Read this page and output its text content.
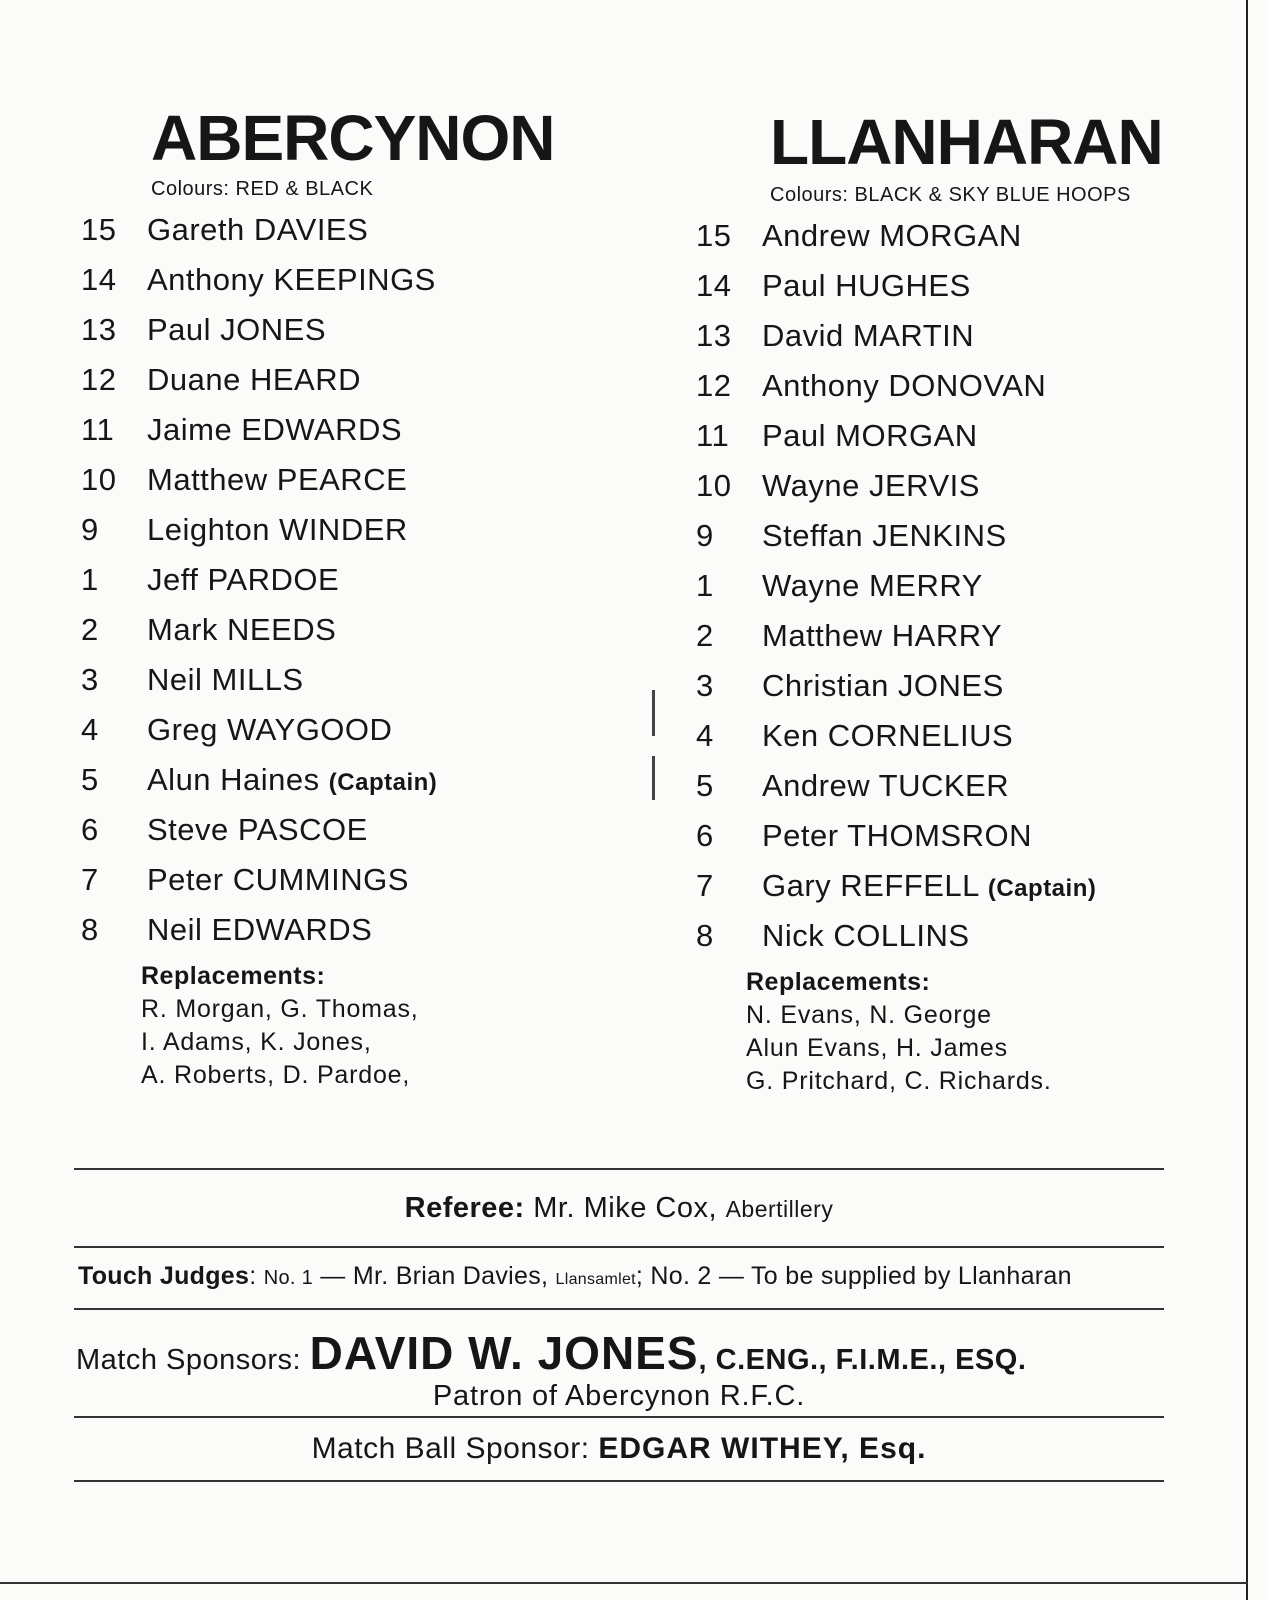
ABERCYNON
Colours: RED & BLACK
15 Gareth DAVIES
14 Anthony KEEPINGS
13 Paul JONES
12 Duane HEARD
11 Jaime EDWARDS
10 Matthew PEARCE
9 Leighton WINDER
1 Jeff PARDOE
2 Mark NEEDS
3 Neil MILLS
4 Greg WAYGOOD
5 Alun Haines (Captain)
6 Steve PASCOE
7 Peter CUMMINGS
8 Neil EDWARDS
Replacements:
R. Morgan, G. Thomas,
I. Adams, K. Jones,
A. Roberts, D. Pardoe,
LLANHARAN
Colours: BLACK & SKY BLUE HOOPS
15 Andrew MORGAN
14 Paul HUGHES
13 David MARTIN
12 Anthony DONOVAN
11 Paul MORGAN
10 Wayne JERVIS
9 Steffan JENKINS
1 Wayne MERRY
2 Matthew HARRY
3 Christian JONES
4 Ken CORNELIUS
5 Andrew TUCKER
6 Peter THOMSRON
7 Gary REFFELL (Captain)
8 Nick COLLINS
Replacements:
N. Evans, N. George
Alun Evans, H. James
G. Pritchard, C. Richards.
Referee: Mr. Mike Cox, Abertillery
Touch Judges: No. 1 — Mr. Brian Davies, Llansamlet; No. 2 — To be supplied by Llanharan
Match Sponsors: DAVID W. JONES, C.ENG., F.I.M.E., ESQ.
Patron of Abercynon R.F.C.
Match Ball Sponsor: EDGAR WITHEY, Esq.
